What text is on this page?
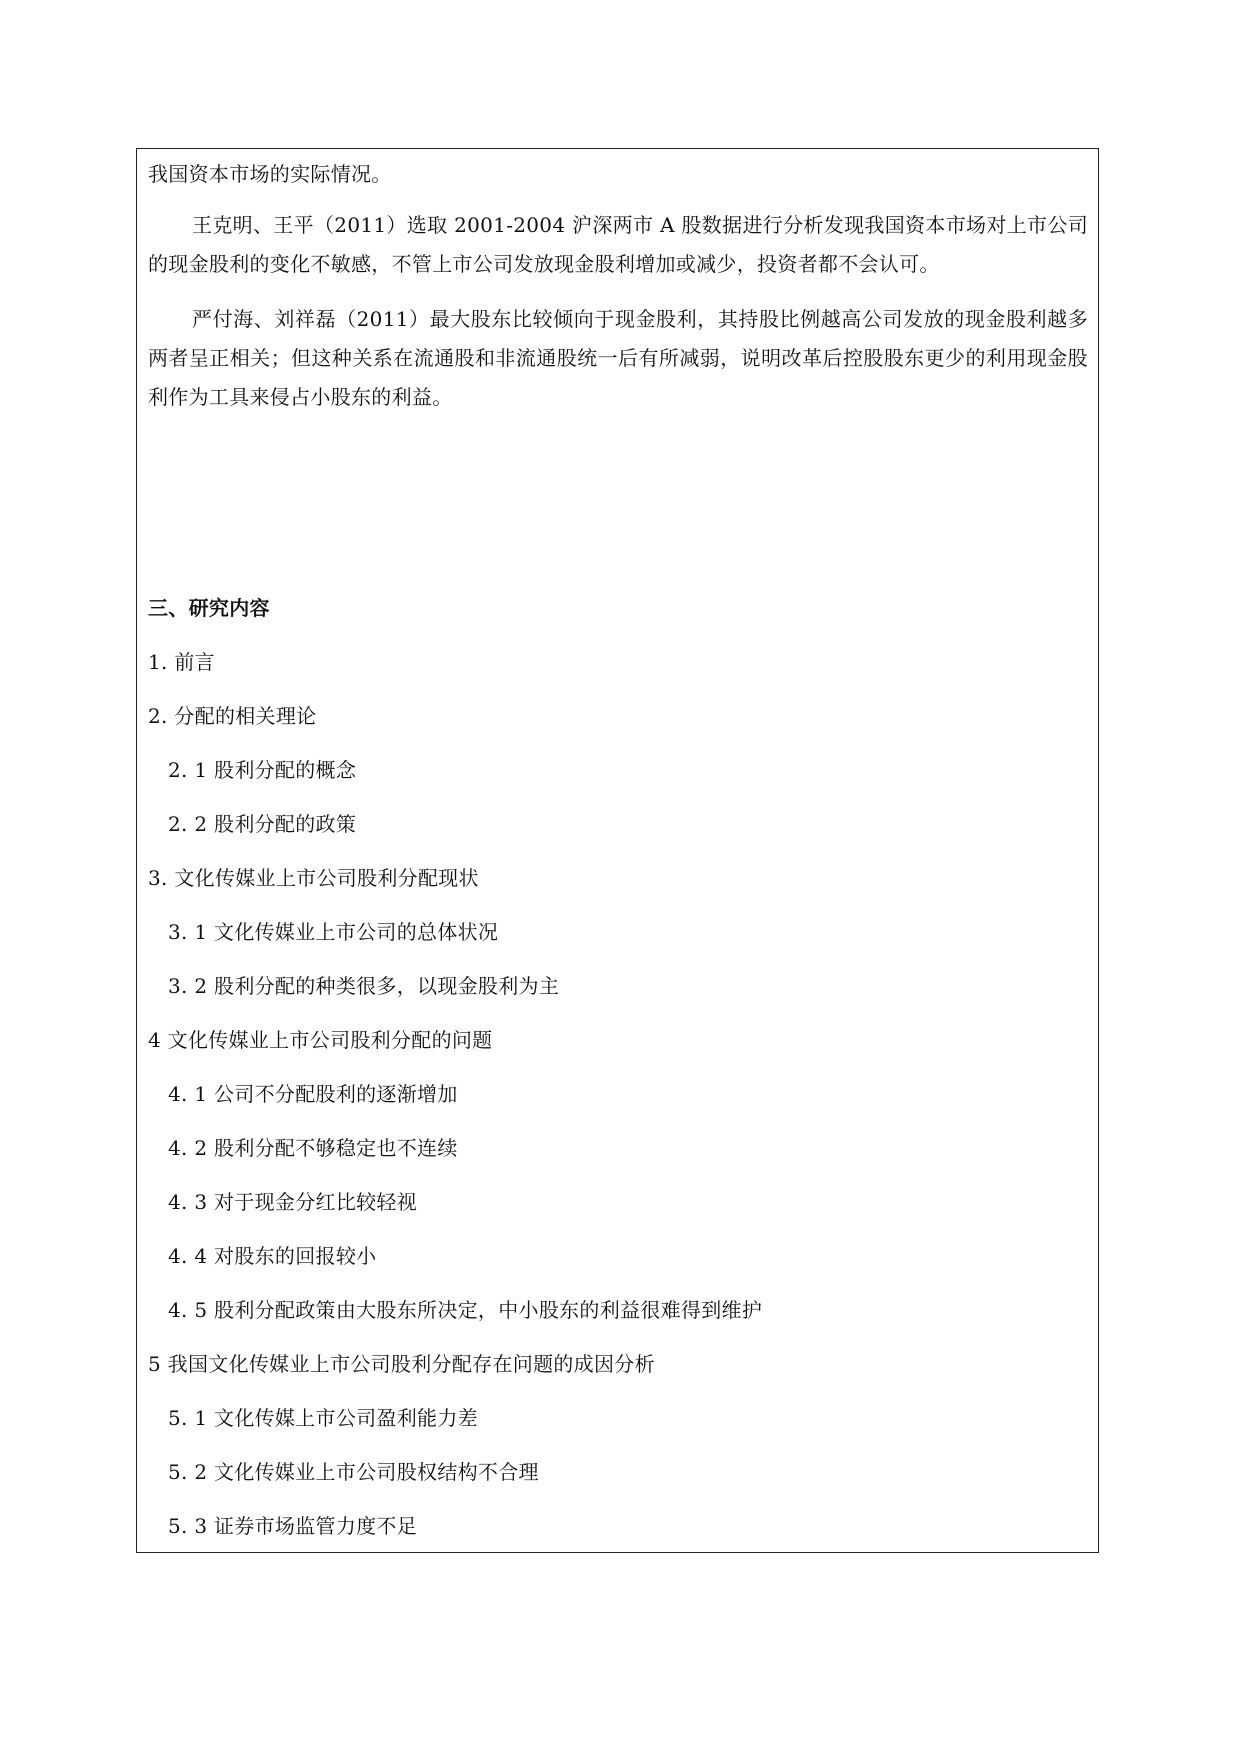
我国资本市场的实际情况。
王克明、王平（2011）选取 2001-2004 沪深两市 A 股数据进行分析发现我国资本市场对上市公司的现金股利的变化不敏感，不管上市公司发放现金股利增加或减少，投资者都不会认可。
严付海、刘祥磊（2011）最大股东比较倾向于现金股利，其持股比例越高公司发放的现金股利越多两者呈正相关；但这种关系在流通股和非流通股统一后有所减弱，说明改革后控股股东更少的利用现金股利作为工具来侵占小股东的利益。
三、研究内容
1. 前言
2. 分配的相关理论
2. 1 股利分配的概念
2. 2 股利分配的政策
3. 文化传媒业上市公司股利分配现状
3. 1 文化传媒业上市公司的总体状况
3. 2 股利分配的种类很多，以现金股利为主
4 文化传媒业上市公司股利分配的问题
4. 1 公司不分配股利的逐渐增加
4. 2 股利分配不够稳定也不连续
4. 3 对于现金分红比较轻视
4. 4 对股东的回报较小
4. 5 股利分配政策由大股东所决定，中小股东的利益很难得到维护
5 我国文化传媒业上市公司股利分配存在问题的成因分析
5. 1 文化传媒上市公司盈利能力差
5. 2 文化传媒业上市公司股权结构不合理
5. 3 证券市场监管力度不足
